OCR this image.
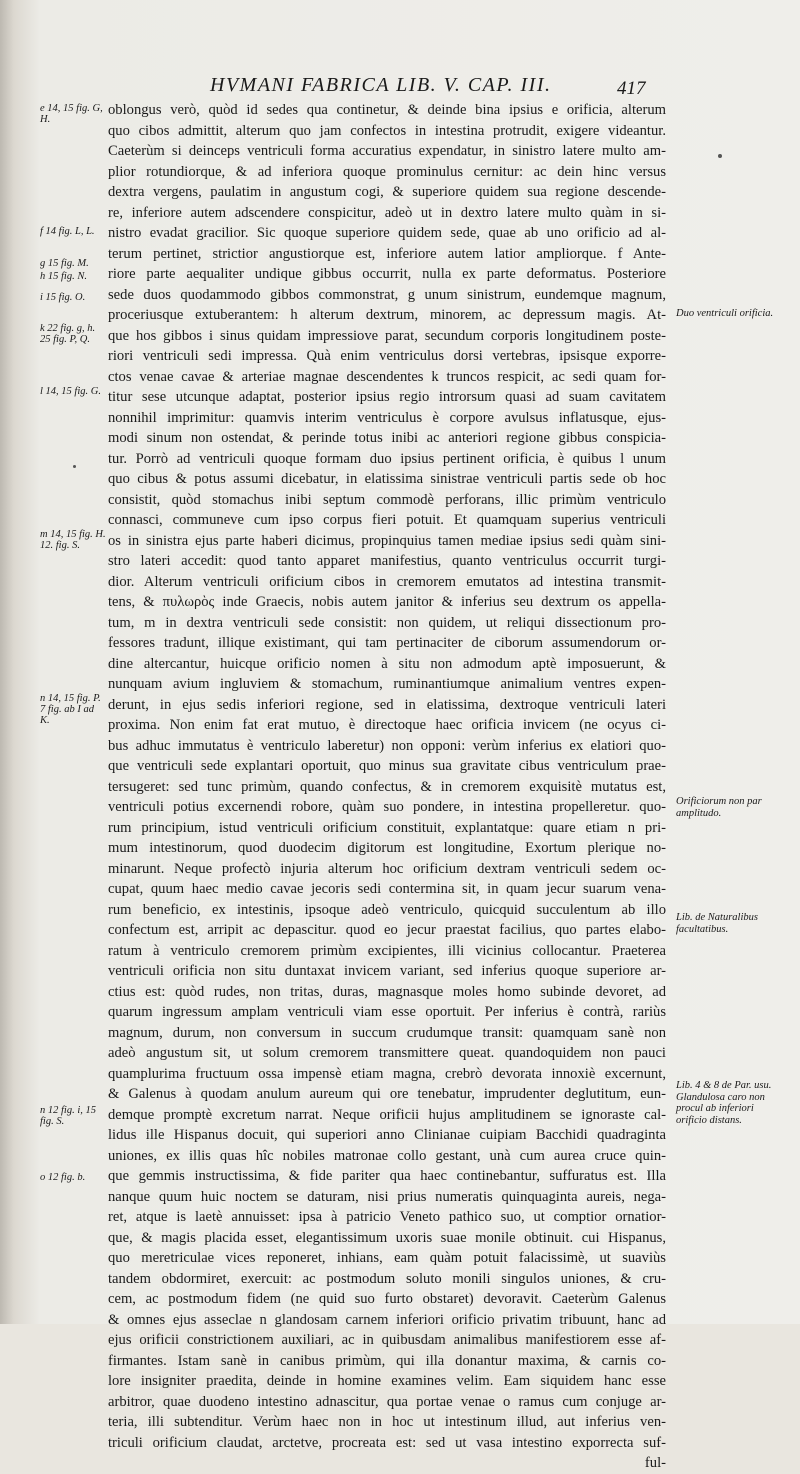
HVMANI FABRICA LIB. V. CAP. III.	417
oblongus verò, quòd id sedes qua continetur, & deinde bina ipsius e orificia, alterum
quo cibos admittit, alterum quo jam confectos in intestina protrudit, exigere videantur.
Caeterùm si deinceps ventriculi forma accuratius expendatur, in sinistro latere multo am-
plior rotundiorque, & ad inferiora quoque prominulus cernitur: ac dein hinc versus
dextra vergens, paulatim in angustum cogi, & superiore quidem sua regione descende-
re, inferiore autem adscendere conspicitur, adeò ut in dextro latere multo quàm in si-
nistro evadat gracilior. Sic quoque superiore quidem sede, quae ab uno orificio ad al-
terum pertinet, strictior angustiorque est, inferiore autem latior ampliorque. f Ante-
riore parte aequaliter undique gibbus occurrit, nulla ex parte deformatus. Posteriore
sede duos quodammodo gibbos commonstrat, g unum sinistrum, eundemque magnum,
proceriusque extuberantem: h alterum dextrum, minorem, ac depressum magis. At-
que hos gibbos i sinus quidam impressiove parat, secundum corporis longitudinem poste-
riori ventriculi sedi impressa. Quà enim ventriculus dorsi vertebras, ipsisque exporre-
ctos venae cavae & arteriae magnae descendentes k truncos respicit, ac sedi quam for-
titur sese utcunque adaptat, posterior ipsius regio introrsum quasi ad suam cavitatem
nonnihil imprimitur: quamvis interim ventriculus è corpore avulsus inflatusque, ejus-
modi sinum non ostendat, & perinde totus inibi ac anteriori regione gibbus conspicia-
tur. Porrò ad ventriculi quoque formam duo ipsius pertinent orificia, è quibus l unum
quo cibus & potus assumi dicebatur, in elatissima sinistrae ventriculi partis sede ob hoc
consistit, quòd stomachus inibi septum commodè perforans, illic primùm ventriculo
connasci, communeve cum ipso corpus fieri potuit. Et quamquam superius ventriculi
os in sinistra ejus parte haberi dicimus, propinquius tamen mediae ipsius sedi quàm sini-
stro lateri accedit: quod tanto apparet manifestius, quanto ventriculus occurrit turgi-
dior. Alterum ventriculi orificium cibos in cremorem emutatos ad intestina transmit-
tens, & πυλωρὸς inde Graecis, nobis autem janitor & inferius seu dextrum os appella-
tum, m in dextra ventriculi sede consistit: non quidem, ut reliqui dissectionum pro-
fessores tradunt, illique existimant, qui tam pertinaciter de ciborum assumendorum or-
dine altercantur, huicque orificio nomen à situ non admodum aptè imposuerunt, &
nunquam avium ingluviem & stomachum, ruminantiumque animalium ventres expen-
derunt, in ejus sedis inferiori regione, sed in elatissima, dextroque ventriculi lateri
proxima. Non enim fat erat mutuo, è directoque haec orificia invicem (ne ocyus ci-
bus adhuc immutatus è ventriculo laberetur) non opponi: verùm inferius ex elatiori quo-
que ventriculi sede explantari oportuit, quo minus sua gravitate cibus ventriculum prae-
tersugeret: sed tunc primùm, quando confectus, & in cremorem exquisitè mutatus est,
ventriculi potius excernendi robore, quàm suo pondere, in intestina propelleretur. quo-
rum principium, istud ventriculi orificium constituit, explantatque: quare etiam n pri-
mum intestinorum, quod duodecim digitorum est longitudine, Exortum plerique no-
minarunt. Neque profectò injuria alterum hoc orificium dextram ventriculi sedem oc-
cupat, quum haec medio cavae jecoris sedi contermina sit, in quam jecur suarum vena-
rum beneficio, ex intestinis, ipsoque adeò ventriculo, quicquid succulentum ab illo
confectum est, arripit ac depascitur. quod eo jecur praestat facilius, quo partes elabo-
ratum à ventriculo cremorem primùm excipientes, illi vicinius collocantur. Praeterea
ventriculi orificia non situ duntaxat invicem variant, sed inferius quoque superiore ar-
ctius est: quòd rudes, non tritas, duras, magnasque moles homo subinde devoret, ad
quarum ingressum amplam ventriculi viam esse oportuit. Per inferius è contrà, rariùs
magnum, durum, non conversum in succum crudumque transit: quamquam sanè non
adeò angustum sit, ut solum cremorem transmittere queat. quandoquidem non pauci
quamplurima fructuum ossa impensè etiam magna, crebrò devorata innoxiè excernunt,
& Galenus à quodam anulum aureum qui ore tenebatur, imprudenter deglutitum, eun-
demque promptè excretum narrat. Neque orificii hujus amplitudinem se ignoraste cal-
lidus ille Hispanus docuit, qui superiori anno Clinianae cuipiam Bacchidi quadraginta
uniones, ex illis quas hîc nobiles matronae collo gestant, unà cum aurea cruce quin-
que gemmis instructissima, & fide pariter qua haec continebantur, suffuratus est. Illa
nanque quum huic noctem se daturam, nisi prius numeratis quinquaginta aureis, nega-
ret, atque is laetè annuisset: ipsa à patricio Veneto pathico suo, ut comptior ornatior-
que, & magis placida esset, elegantissimum uxoris suae monile obtinuit. cui Hispanus,
quo meretriculae vices reponeret, inhians, eam quàm potuit falacissimè, ut suaviùs
tandem obdormiret, exercuit: ac postmodum soluto monili singulos uniones, & cru-
cem, ac postmodum fidem (ne quid suo furto obstaret) devoravit. Caeterùm Galenus
& omnes ejus asseclae n glandosam carnem inferiori orificio privatim tribuunt, hanc ad
ejus orificii constrictionem auxiliari, ac in quibusdam animalibus manifestiorem esse af-
firmantes. Istam sanè in canibus primùm, qui illa donantur maxima, & carnis co-
lore insigniter praedita, deinde in homine examines velim. Eam siquidem hanc esse
arbitror, quae duodeno intestino adnascitur, qua portae venae o ramus cum conjuge ar-
teria, illi subtenditur. Verùm haec non in hoc ut intestinum illud, aut inferius ven-
triculi orificium claudat, arctetve, procreata est: sed ut vasa intestino exporrecta suf-
ful-
e 14, 15 fig. G, H.
f 14 fig. L, L.
g 15 fig. M.
h 15 fig. N.
i 15 fig. O.
k 22 fig. g, h. 25 fig. P, Q.
l 14, 15 fig. G.
m 14, 15 fig. H. 12. fig. S.
n 14, 15 fig. P. 7 fig. ab I ad K.
n 12 fig. i, 15 fig. S.
o 12 fig. b.
Duo ventriculi orificia.
Orificiorum non par amplitudo.
Lib. de Naturalibus facultatibus.
Lib. 4 & 8 de Par. usu. Glandulosa caro non procul ab inferiori orificio distans.
